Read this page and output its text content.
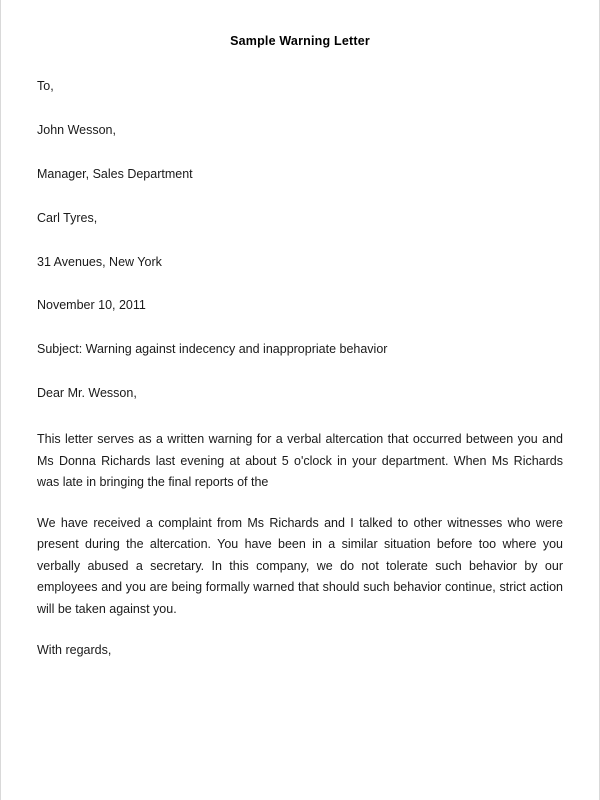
Sample Warning Letter

To,

John Wesson,

Manager, Sales Department

Carl Tyres,

31 Avenues, New York

November 10, 2011

Subject: Warning against indecency and inappropriate behavior

Dear Mr. Wesson,

This letter serves as a written warning for a verbal altercation that occurred between you and Ms Donna Richards last evening at about 5 o'clock in your department. When Ms Richards was late in bringing the final reports of the

We have received a complaint from Ms Richards and I talked to other witnesses who were present during the altercation. You have been in a similar situation before too where you verbally abused a secretary. In this company, we do not tolerate such behavior by our employees and you are being formally warned that should such behavior continue, strict action will be taken against you.

With regards,
